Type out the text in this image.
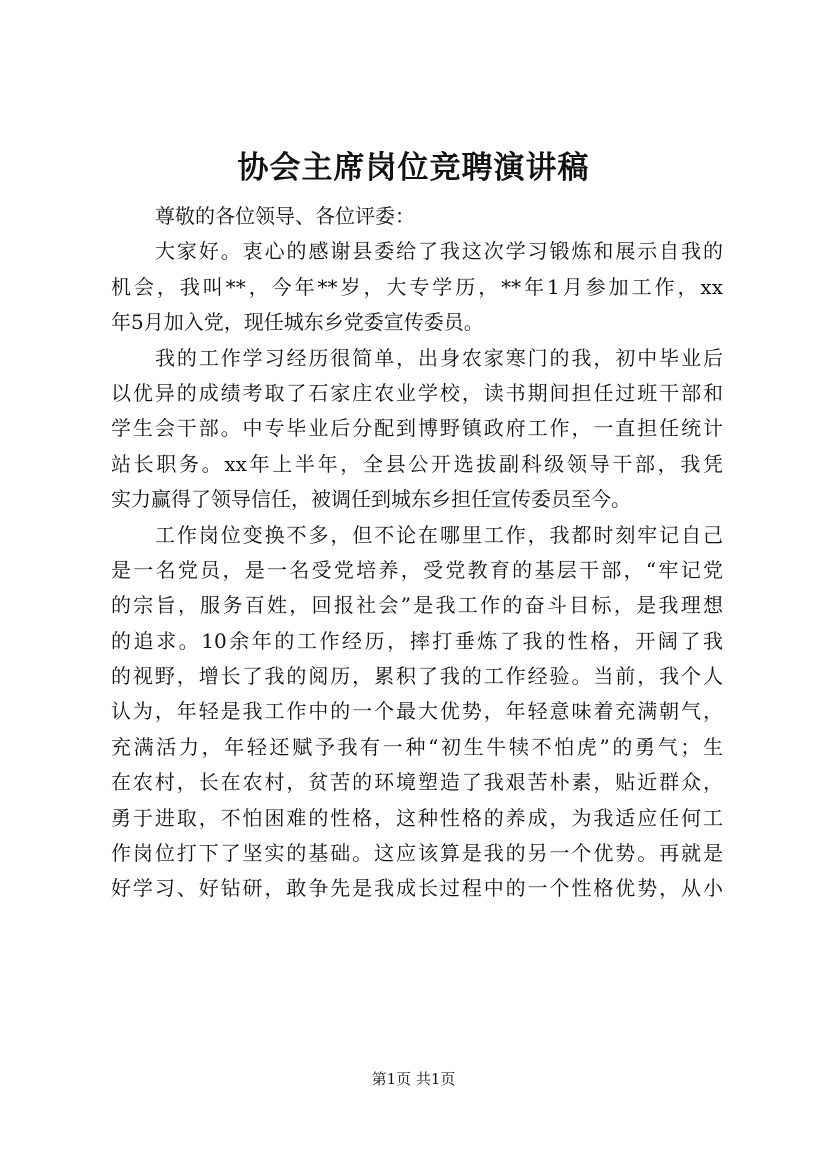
协会主席岗位竞聘演讲稿
尊敬的各位领导、各位评委：
大家好。衷心的感谢县委给了我这次学习锻炼和展示自我的
机会，我叫**，今年**岁，大专学历，**年1月参加工作，xx
年5月加入党，现任城东乡党委宣传委员。
我的工作学习经历很简单，出身农家寒门的我，初中毕业后
以优异的成绩考取了石家庄农业学校，读书期间担任过班干部和
学生会干部。中专毕业后分配到博野镇政府工作，一直担任统计
站长职务。xx年上半年，全县公开选拔副科级领导干部，我凭
实力赢得了领导信任，被调任到城东乡担任宣传委员至今。
工作岗位变换不多，但不论在哪里工作，我都时刻牢记自己
是一名党员，是一名受党培养，受党教育的基层干部，“牢记党
的宗旨，服务百姓，回报社会”是我工作的奋斗目标，是我理想
的追求。10余年的工作经历，摔打垂炼了我的性格，开阔了我
的视野，增长了我的阅历，累积了我的工作经验。当前，我个人
认为，年轻是我工作中的一个最大优势，年轻意味着充满朝气，
充满活力，年轻还赋予我有一种“初生牛犊不怕虎”的勇气；生
在农村，长在农村，贫苦的环境塑造了我艰苦朴素，贴近群众，
勇于进取，不怕困难的性格，这种性格的养成，为我适应任何工
作岗位打下了坚实的基础。这应该算是我的另一个优势。再就是
好学习、好钻研，敢争先是我成长过程中的一个性格优势，从小
第1页 共1页
